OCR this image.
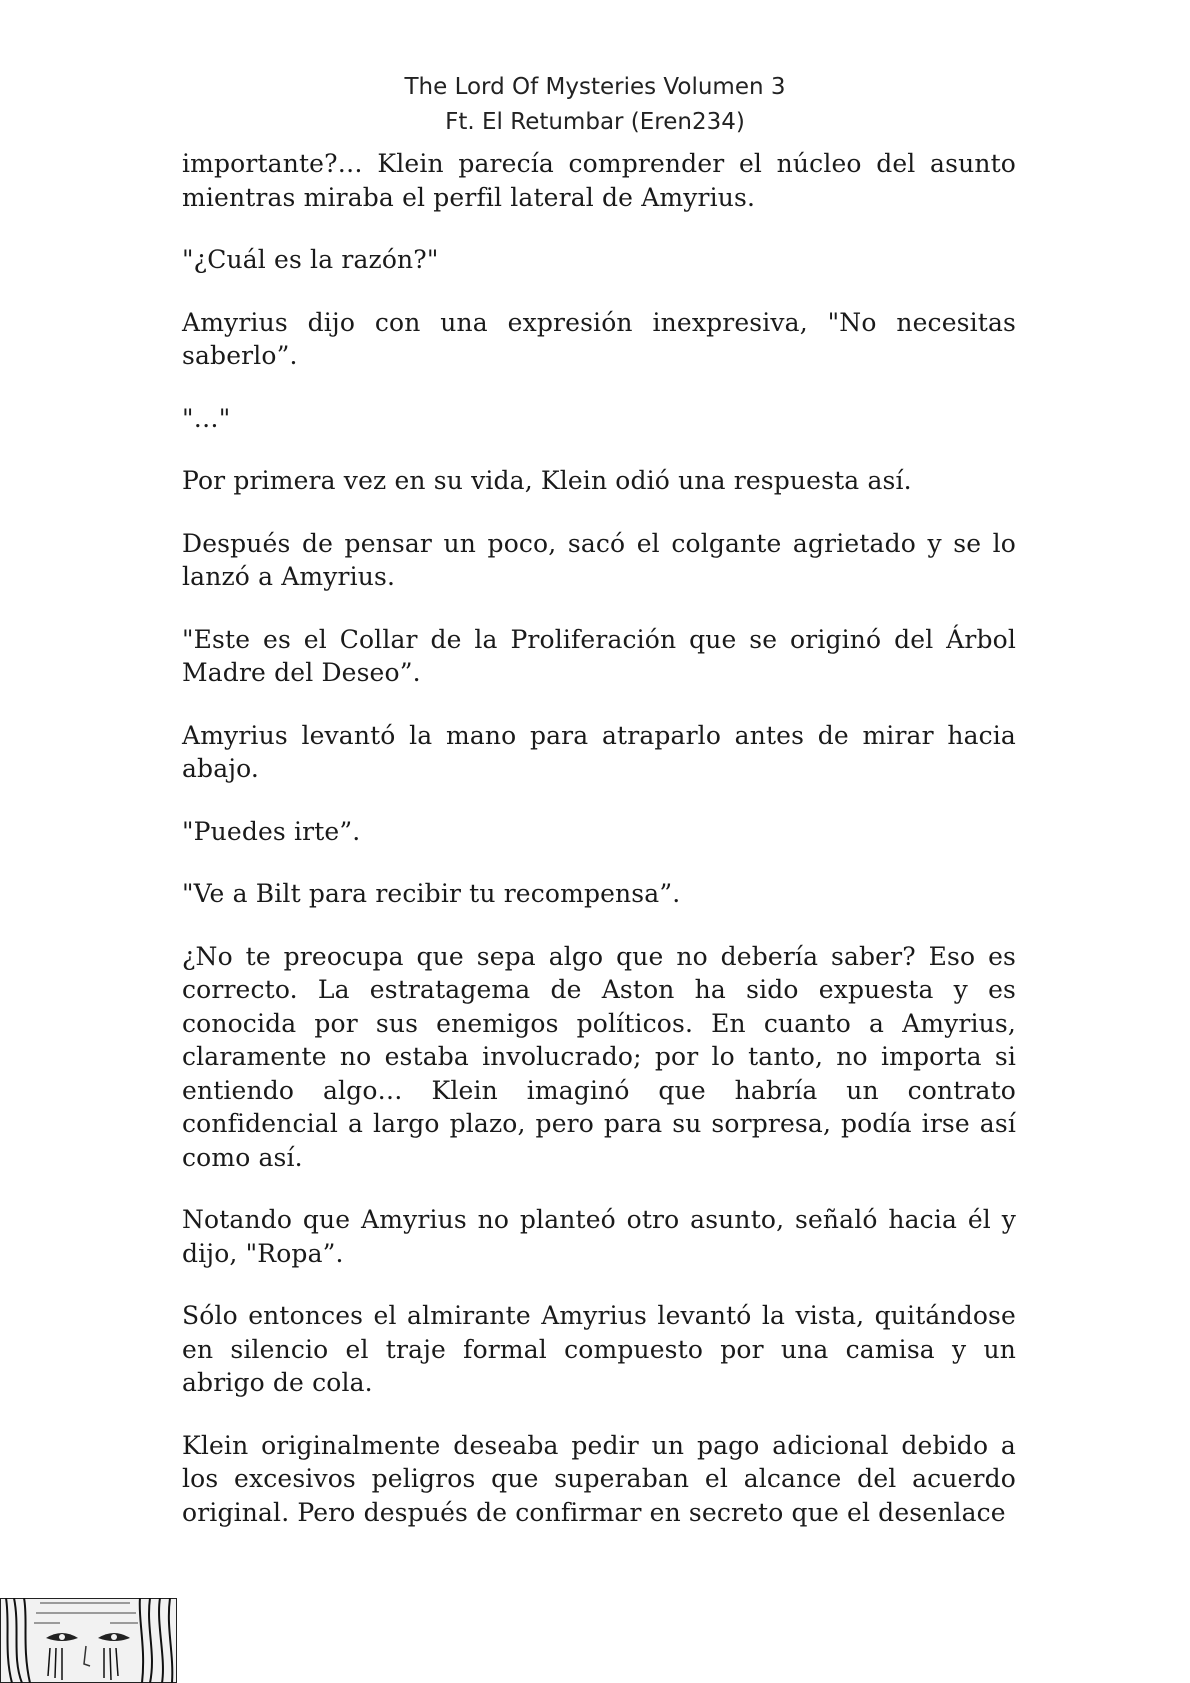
The Lord Of Mysteries Volumen 3
Ft. El Retumbar (Eren234)

importante?… Klein parecía comprender el núcleo del asunto mientras miraba el perfil lateral de Amyrius.

"¿Cuál es la razón?"

Amyrius dijo con una expresión inexpresiva, "No necesitas saberlo”.

"…"

Por primera vez en su vida, Klein odió una respuesta así.

Después de pensar un poco, sacó el colgante agrietado y se lo lanzó a Amyrius.

"Este es el Collar de la Proliferación que se originó del Árbol Madre del Deseo”.

Amyrius levantó la mano para atraparlo antes de mirar hacia abajo.

"Puedes irte”.

"Ve a Bilt para recibir tu recompensa”.

¿No te preocupa que sepa algo que no debería saber? Eso es correcto. La estratagema de Aston ha sido expuesta y es conocida por sus enemigos políticos. En cuanto a Amyrius, claramente no estaba involucrado; por lo tanto, no importa si entiendo algo… Klein imaginó que habría un contrato confidencial a largo plazo, pero para su sorpresa, podía irse así como así.

Notando que Amyrius no planteó otro asunto, señaló hacia él y dijo, "Ropa”.

Sólo entonces el almirante Amyrius levantó la vista, quitándose en silencio el traje formal compuesto por una camisa y un abrigo de cola.

Klein originalmente deseaba pedir un pago adicional debido a los excesivos peligros que superaban el alcance del acuerdo original. Pero después de confirmar en secreto que el desenlace
